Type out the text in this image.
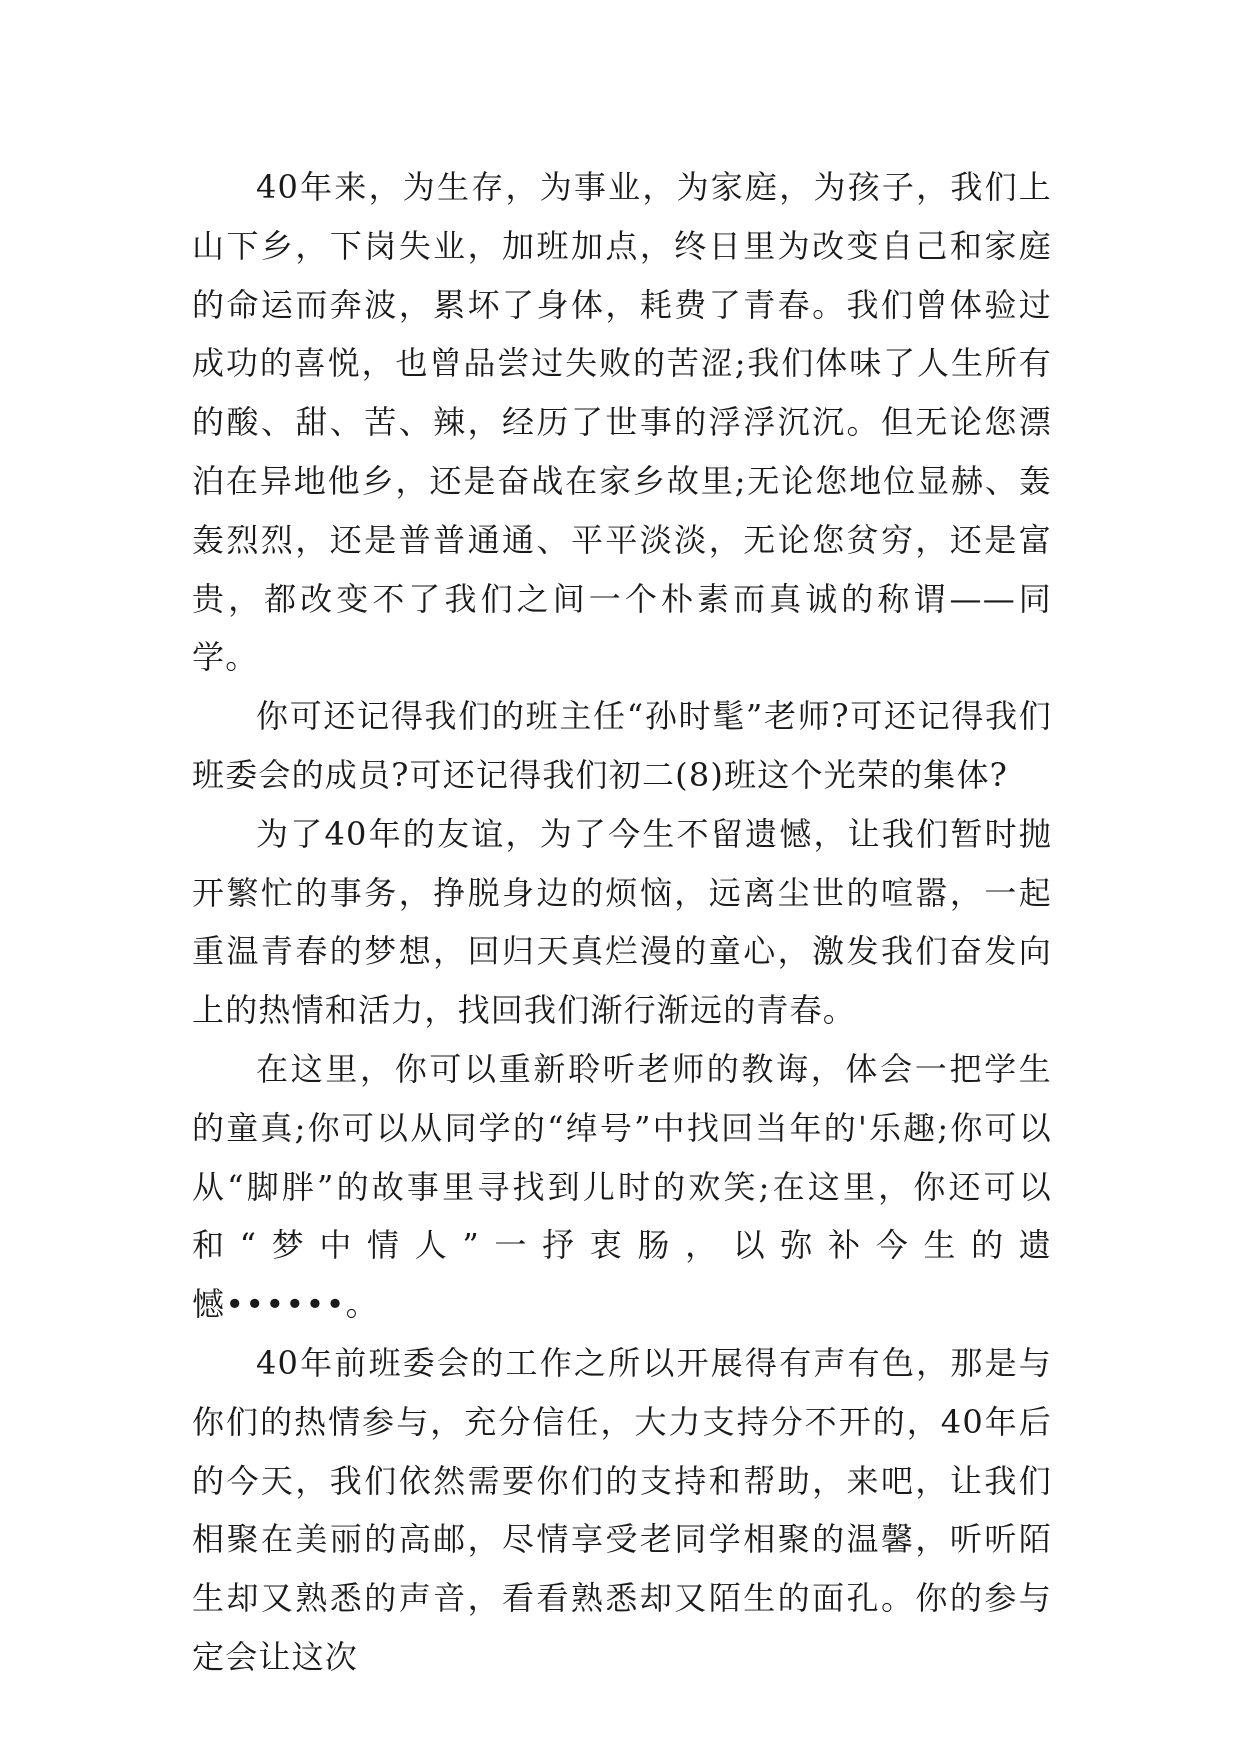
40年来，为生存，为事业，为家庭，为孩子，我们上山下乡，下岗失业，加班加点，终日里为改变自己和家庭的命运而奔波，累坏了身体，耗费了青春。我们曾体验过成功的喜悦，也曾品尝过失败的苦涩;我们体味了人生所有的酸、甜、苦、辣，经历了世事的浮浮沉沉。但无论您漂泊在异地他乡，还是奋战在家乡故里;无论您地位显赫、轰轰烈烈，还是普普通通、平平淡淡，无论您贫穷，还是富贵，都改变不了我们之间一个朴素而真诚的称谓——同学。

你可还记得我们的班主任“孙时髦”老师?可还记得我们班委会的成员?可还记得我们初二(8)班这个光荣的集体?

为了40年的友谊，为了今生不留遗憾，让我们暂时抛开繁忙的事务，挣脱身边的烦恼，远离尘世的喧嚣，一起重温青春的梦想，回归天真烂漫的童心，激发我们奋发向上的热情和活力，找回我们渐行渐远的青春。

在这里，你可以重新聆听老师的教诲，体会一把学生的童真;你可以从同学的“绰号”中找回当年的'乐趣;你可以从“脚胖”的故事里寻找到儿时的欢笑;在这里，你还可以和“梦中情人”一抒衷肠，以弥补今生的遗

憾••••••。

40年前班委会的工作之所以开展得有声有色，那是与你们的热情参与，充分信任，大力支持分不开的，40年后的今天，我们依然需要你们的支持和帮助，来吧，让我们相聚在美丽的高邮，尽情享受老同学相聚的温馨，听听陌生却又熟悉的声音，看看熟悉却又陌生的面孔。你的参与定会让这次
